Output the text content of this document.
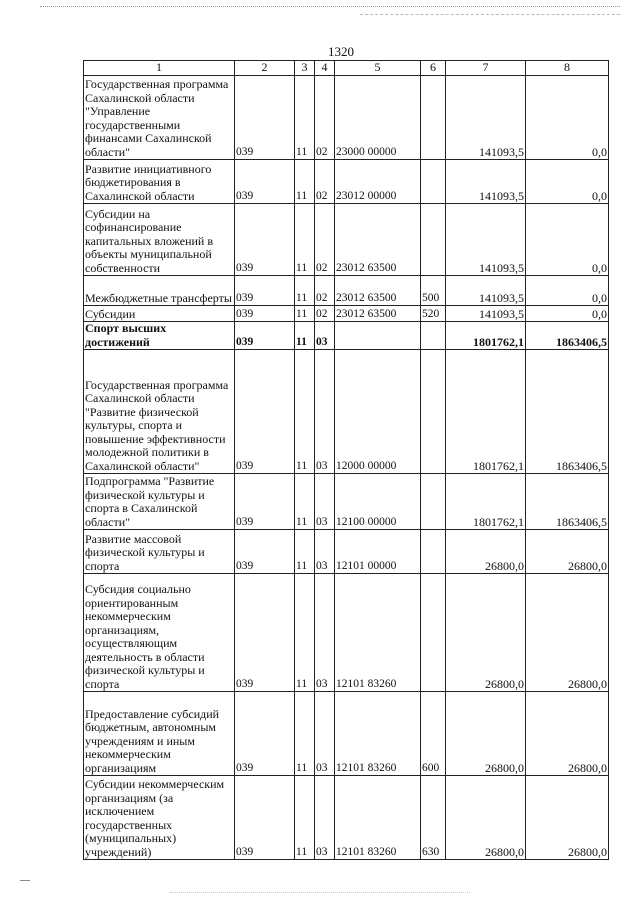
1320
1	2	3	4	5	6	7	8
Государственная программа Сахалинской области "Управление государственными финансами Сахалинской области"	039	11	02	23000 00000		141093,5	0,0
Развитие инициативного бюджетирования в Сахалинской области	039	11	02	23012 00000		141093,5	0,0
Субсидии на софинансирование капитальных вложений в объекты муниципальной собственности	039	11	02	23012 63500		141093,5	0,0
Межбюджетные трансферты	039	11	02	23012 63500	500	141093,5	0,0
Субсидии	039	11	02	23012 63500	520	141093,5	0,0
Спорт высших достижений	039	11	03			1801762,1	1863406,5
Государственная программа Сахалинской области "Развитие физической культуры, спорта и повышение эффективности молодежной политики в Сахалинской области"	039	11	03	12000 00000		1801762,1	1863406,5
Подпрограмма "Развитие физической культуры и спорта в Сахалинской области"	039	11	03	12100 00000		1801762,1	1863406,5
Развитие массовой физической культуры и спорта	039	11	03	12101 00000		26800,0	26800,0
Субсидия социально ориентированным некоммерческим организациям, осуществляющим деятельность в области физической культуры и спорта	039	11	03	12101 83260		26800,0	26800,0
Предоставление субсидий бюджетным, автономным учреждениям и иным некоммерческим организациям	039	11	03	12101 83260	600	26800,0	26800,0
Субсидии некоммерческим организациям (за исключением государственных (муниципальных) учреждений)	039	11	03	12101 83260	630	26800,0	26800,0
